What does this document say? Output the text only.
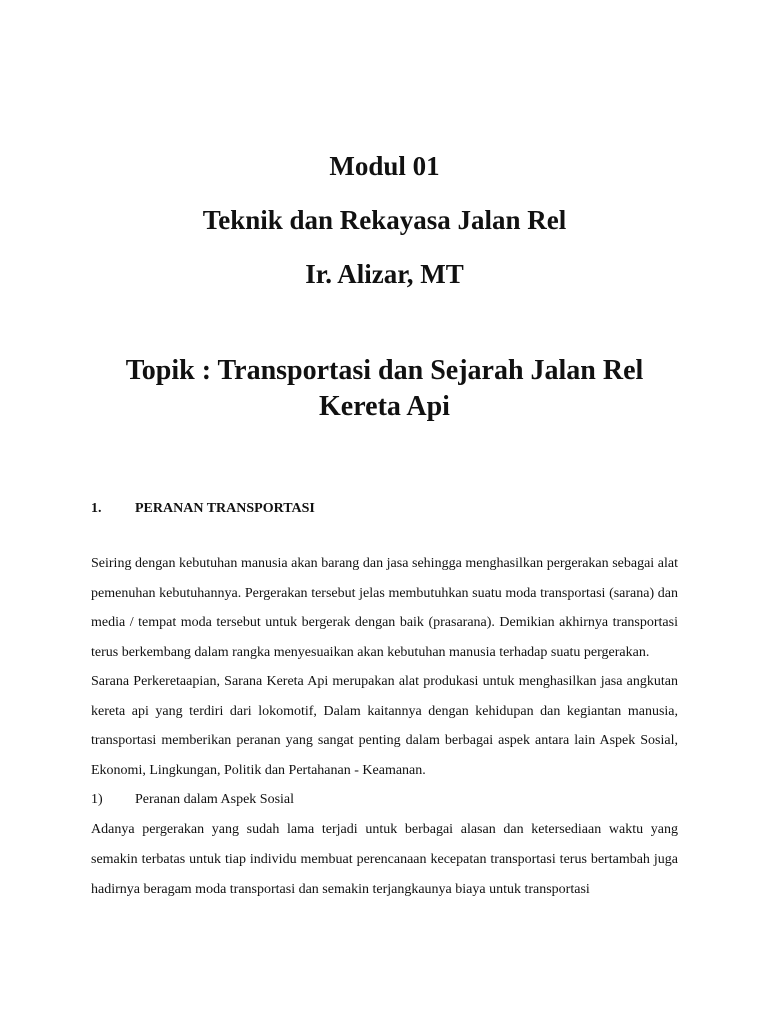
Modul 01

Teknik dan Rekayasa Jalan Rel

Ir. Alizar, MT

Topik : Transportasi dan Sejarah Jalan Rel Kereta Api

1.	PERANAN TRANSPORTASI

Seiring dengan kebutuhan manusia akan barang dan jasa sehingga menghasilkan pergerakan sebagai alat pemenuhan kebutuhannya. Pergerakan tersebut jelas membutuhkan suatu moda transportasi (sarana) dan media / tempat moda tersebut untuk bergerak dengan baik (prasarana). Demikian akhirnya transportasi terus berkembang dalam rangka menyesuaikan akan kebutuhan manusia terhadap suatu pergerakan.

Sarana Perkeretaapian, Sarana Kereta Api merupakan alat produkasi untuk menghasilkan jasa angkutan kereta api yang terdiri dari lokomotif, Dalam kaitannya dengan kehidupan dan kegiantan manusia, transportasi memberikan peranan yang sangat penting dalam berbagai aspek antara lain Aspek Sosial, Ekonomi, Lingkungan, Politik dan Pertahanan - Keamanan.

1)	Peranan dalam Aspek Sosial

Adanya pergerakan yang sudah lama terjadi untuk berbagai alasan dan ketersediaan waktu yang semakin terbatas untuk tiap individu membuat perencanaan kecepatan transportasi terus bertambah juga hadirnya beragam moda transportasi dan semakin terjangkaunya biaya untuk transportasi
